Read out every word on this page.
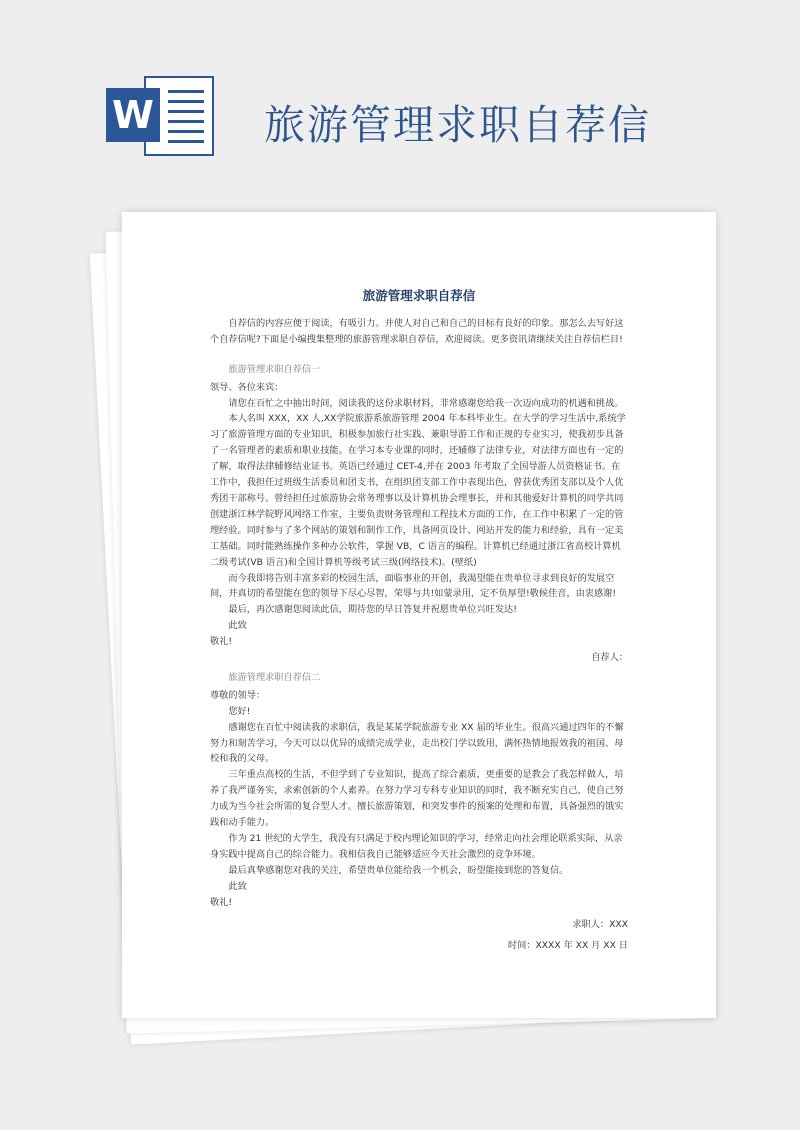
W	旅游管理求职自荐信
旅游管理求职自荐信

自荐信的内容应便于阅读，有吸引力。并使人对自己和自己的目标有良好的印象。那怎么去写好这个自荐信呢?下面是小编搜集整理的旅游管理求职自荐信，欢迎阅读。更多资讯请继续关注自荐信栏目!

旅游管理求职自荐信一

领导、各位来宾：

请您在百忙之中抽出时间，阅读我的这份求职材料，非常感谢您给我一次迈向成功的机遇和挑战。

本人名叫 XXX，XX 人,XX学院旅游系旅游管理 2004 年本科毕业生。在大学的学习生活中,系统学习了旅游管理方面的专业知识，积极参加旅行社实践、兼职导游工作和正规的专业实习，使我初步具备了一名管理者的素质和职业技能。在学习本专业课的同时，还辅修了法律专业，对法律方面也有一定的了解，取得法律辅修结业证书。英语已经通过 CET-4,并在 2003 年考取了全国导游人员资格证书。在工作中，我担任过班级生活委员和团支书，在组织团支部工作中表现出色，曾获优秀团支部以及个人优秀团干部称号。曾经担任过旅游协会常务理事以及计算机协会理事长，并和其他爱好计算机的同学共同创建浙江林学院野风网络工作室，主要负责财务管理和工程技术方面的工作，在工作中积累了一定的管理经验。同时参与了多个网站的策划和制作工作，具备网页设计、网站开发的能力和经验，具有一定美工基础。同时能熟练操作多种办公软件，掌握 VB，C 语言的编程。计算机已经通过浙江省高校计算机二级考试(VB 语言)和全国计算机等级考试三级(网络技术)。(壁纸)

而今我即将告别丰富多彩的校园生活，面临事业的开创，我渴望能在贵单位寻求到良好的发展空间，并真切的希望能在您的领导下尽心尽智，荣辱与共!如蒙录用，定不负厚望!敬候佳音，由衷感谢!

最后，再次感谢您阅读此信，期待您的早日答复并祝愿贵单位兴旺发达!

此致

敬礼!

自荐人：

旅游管理求职自荐信二

尊敬的领导：

您好!

感谢您在百忙中阅读我的求职信，我是某某学院旅游专业 XX 届的毕业生。很高兴通过四年的不懈努力和刻苦学习，今天可以以优异的成绩完成学业，走出校门学以致用，满怀热情地报效我的祖国、母校和我的父母。

三年重点高校的生活，不但学到了专业知识，提高了综合素质，更重要的是教会了我怎样做人，培养了我严谨务实，求索创新的个人素养。在努力学习专科专业知识的同时，我不断充实自己，使自己努力成为当今社会所需的复合型人才。擅长旅游策划，和突发事件的预案的处理和布置，具备强烈的饿实践和动手能力。

作为 21 世纪的大学生，我没有只满足于校内理论知识的学习，经常走向社会理论联系实际，从亲身实践中提高自己的综合能力。我相信我自己能够适应今天社会激烈的竞争环境。

最后真挚感谢您对我的关注，希望贵单位能给我一个机会，盼望能接到您的答复信。

此致

敬礼!

求职人：XXX

时间：XXXX 年 XX 月 XX 日
